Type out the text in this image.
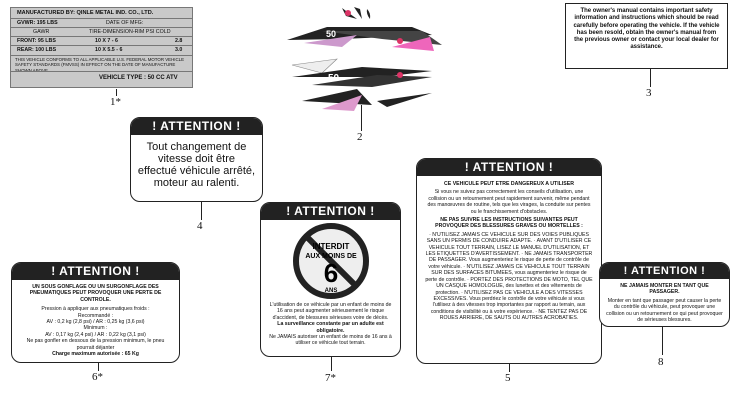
MANUFACTURED BY: QINLE METAL IND. CO., LTD.
GVWR: 195 LBS	DATE OF MFG:
GAWR	TIRE-DIMENSION-RIM PSI COLD
FRONT: 95 LBS	10 X 7 - 6	2.8
REAR: 100 LBS	10 X 5.5 - 6	3.0
THIS VEHICLE CONFORMS TO ALL APPLICABLE U.S. FEDERAL MOTOR VEHICLE SAFETY STANDARDS (FMVSS) IN EFFECT ON THE DATE OF MANUFACTURE
VEHICLE TYPE : 50 CC ATV
1*
50
50
2
The owner's manual contains important safety information and instructions which should be read carefully before operating the vehicle. If the vehicle has been resold, obtain the owner's manual from the previous owner or contact your local dealer for assistance.
3
! ATTENTION !
Tout changement de vitesse doit être effectué véhicule arrêté, moteur au ralenti.
4
! ATTENTION !
INTERDIT
AUX MOINS DE
6
ANS
L'utilisation de ce véhicule par un enfant de moins de 16 ans peut augmenter sérieusement le risque d'accident, de blessures sérieuses voire de décès.
La surveillance constante par un adulte est obligatoire.
Ne JAMAIS autoriser un enfant de moins de 16 ans à utiliser ce véhicule tout terrain.
7*
! ATTENTION !
CE VEHICULE PEUT ETRE DANGEREUX A UTILISER
Si vous ne suivez pas correctement les conseils d'utilisation, une collision ou un retournement peut rapidement survenir, même pendant des manœuvres de routine, tels que les virages, la conduite sur pentes ou le franchissement d'obstacles.
NE PAS SUIVRE LES INSTRUCTIONS SUIVANTES PEUT PROVOQUER DES BLESSURES GRAVES OU MORTELLES :
· N'UTILISEZ JAMAIS CE VEHICULE SUR DES VOIES PUBLIQUES SANS UN PERMIS DE CONDUIRE ADAPTE. · AVANT D'UTILISER CE VEHICULE TOUT TERRAIN, LISEZ LE MANUEL D'UTILISATION, ET LES ETIQUETTES D'AVERTISSEMENT. · NE JAMAIS TRANSPORTER DE PASSAGER. Vous augmenteriez le risque de perte de contrôle de votre véhicule. · N'UTILISEZ JAMAIS CE VEHICULE TOUT TERRAIN SUR DES SURFACES BITUMEES, vous augmenteriez le risque de perte de contrôle. · PORTEZ DES PROTECTIONS DE MOTO, TEL QUE UN CASQUE HOMOLOGUE, des lunettes et des vêtements de protection. · N'UTILISEZ PAS CE VEHICULE A DES VITESSES EXCESSIVES. Vous perdriez le contrôle de votre véhicule si vous l'utilisez à des vitesses trop importantes par rapport au terrain, aux conditions de visibilité ou à votre expérience. · NE TENTEZ PAS DE ROUES ARRIERE, DE SAUTS OU AUTRES ACROBATIES.
5
! ATTENTION !
UN SOUS GONFLAGE OU UN SURGONFLAGE DES PNEUMATIQUES PEUT PROVOQUER UNE PERTE DE CONTROLE.
Pression à appliquer aux pneumatiques froids :
Recommandé :
AV : 0,2 kg (2,8 psi) / AR : 0,25 kg (3,6 psi)
Minimum :
AV : 0,17 kg (2,4 psi) / AR : 0,22 kg (3,1 psi)
Ne pas gonfler en dessous de la pression minimum, le pneu pourrait déjanter
Charge maximum autorisée : 65 Kg
6*
! ATTENTION !
NE JAMAIS MONTER EN TANT QUE PASSAGER.
Monter en tant que passager peut causer la perte du contrôle du véhicule, peut provoquer une collision ou un retournement ce qui peut provoquer de sérieuses blessures.
8
